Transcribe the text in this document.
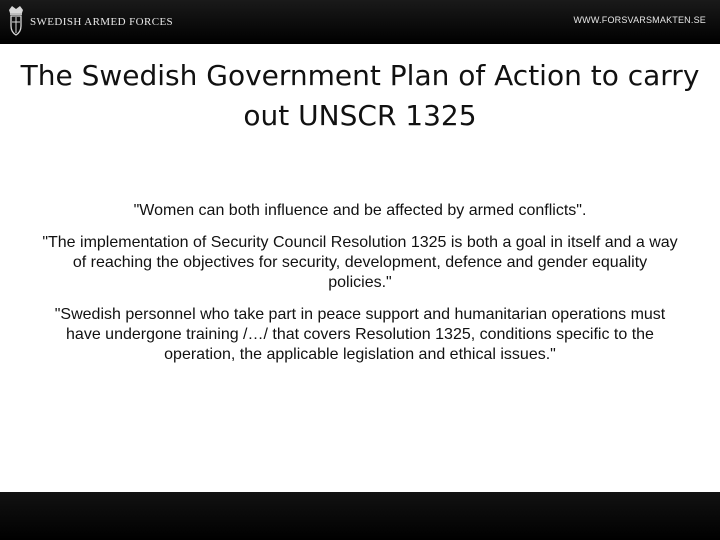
SWEDISH ARMED FORCES	WWW.FORSVARSMAKTEN.SE
The Swedish Government Plan of Action to carry out UNSCR 1325

"Women can both influence and be affected by armed conflicts".

"The implementation of Security Council Resolution 1325 is both a goal in itself and a way of reaching the objectives for security, development, defence and gender equality policies."

"Swedish personnel who take part in peace support and humanitarian operations must have undergone training /…/ that covers Resolution 1325, conditions specific to the operation, the applicable legislation and ethical issues."
